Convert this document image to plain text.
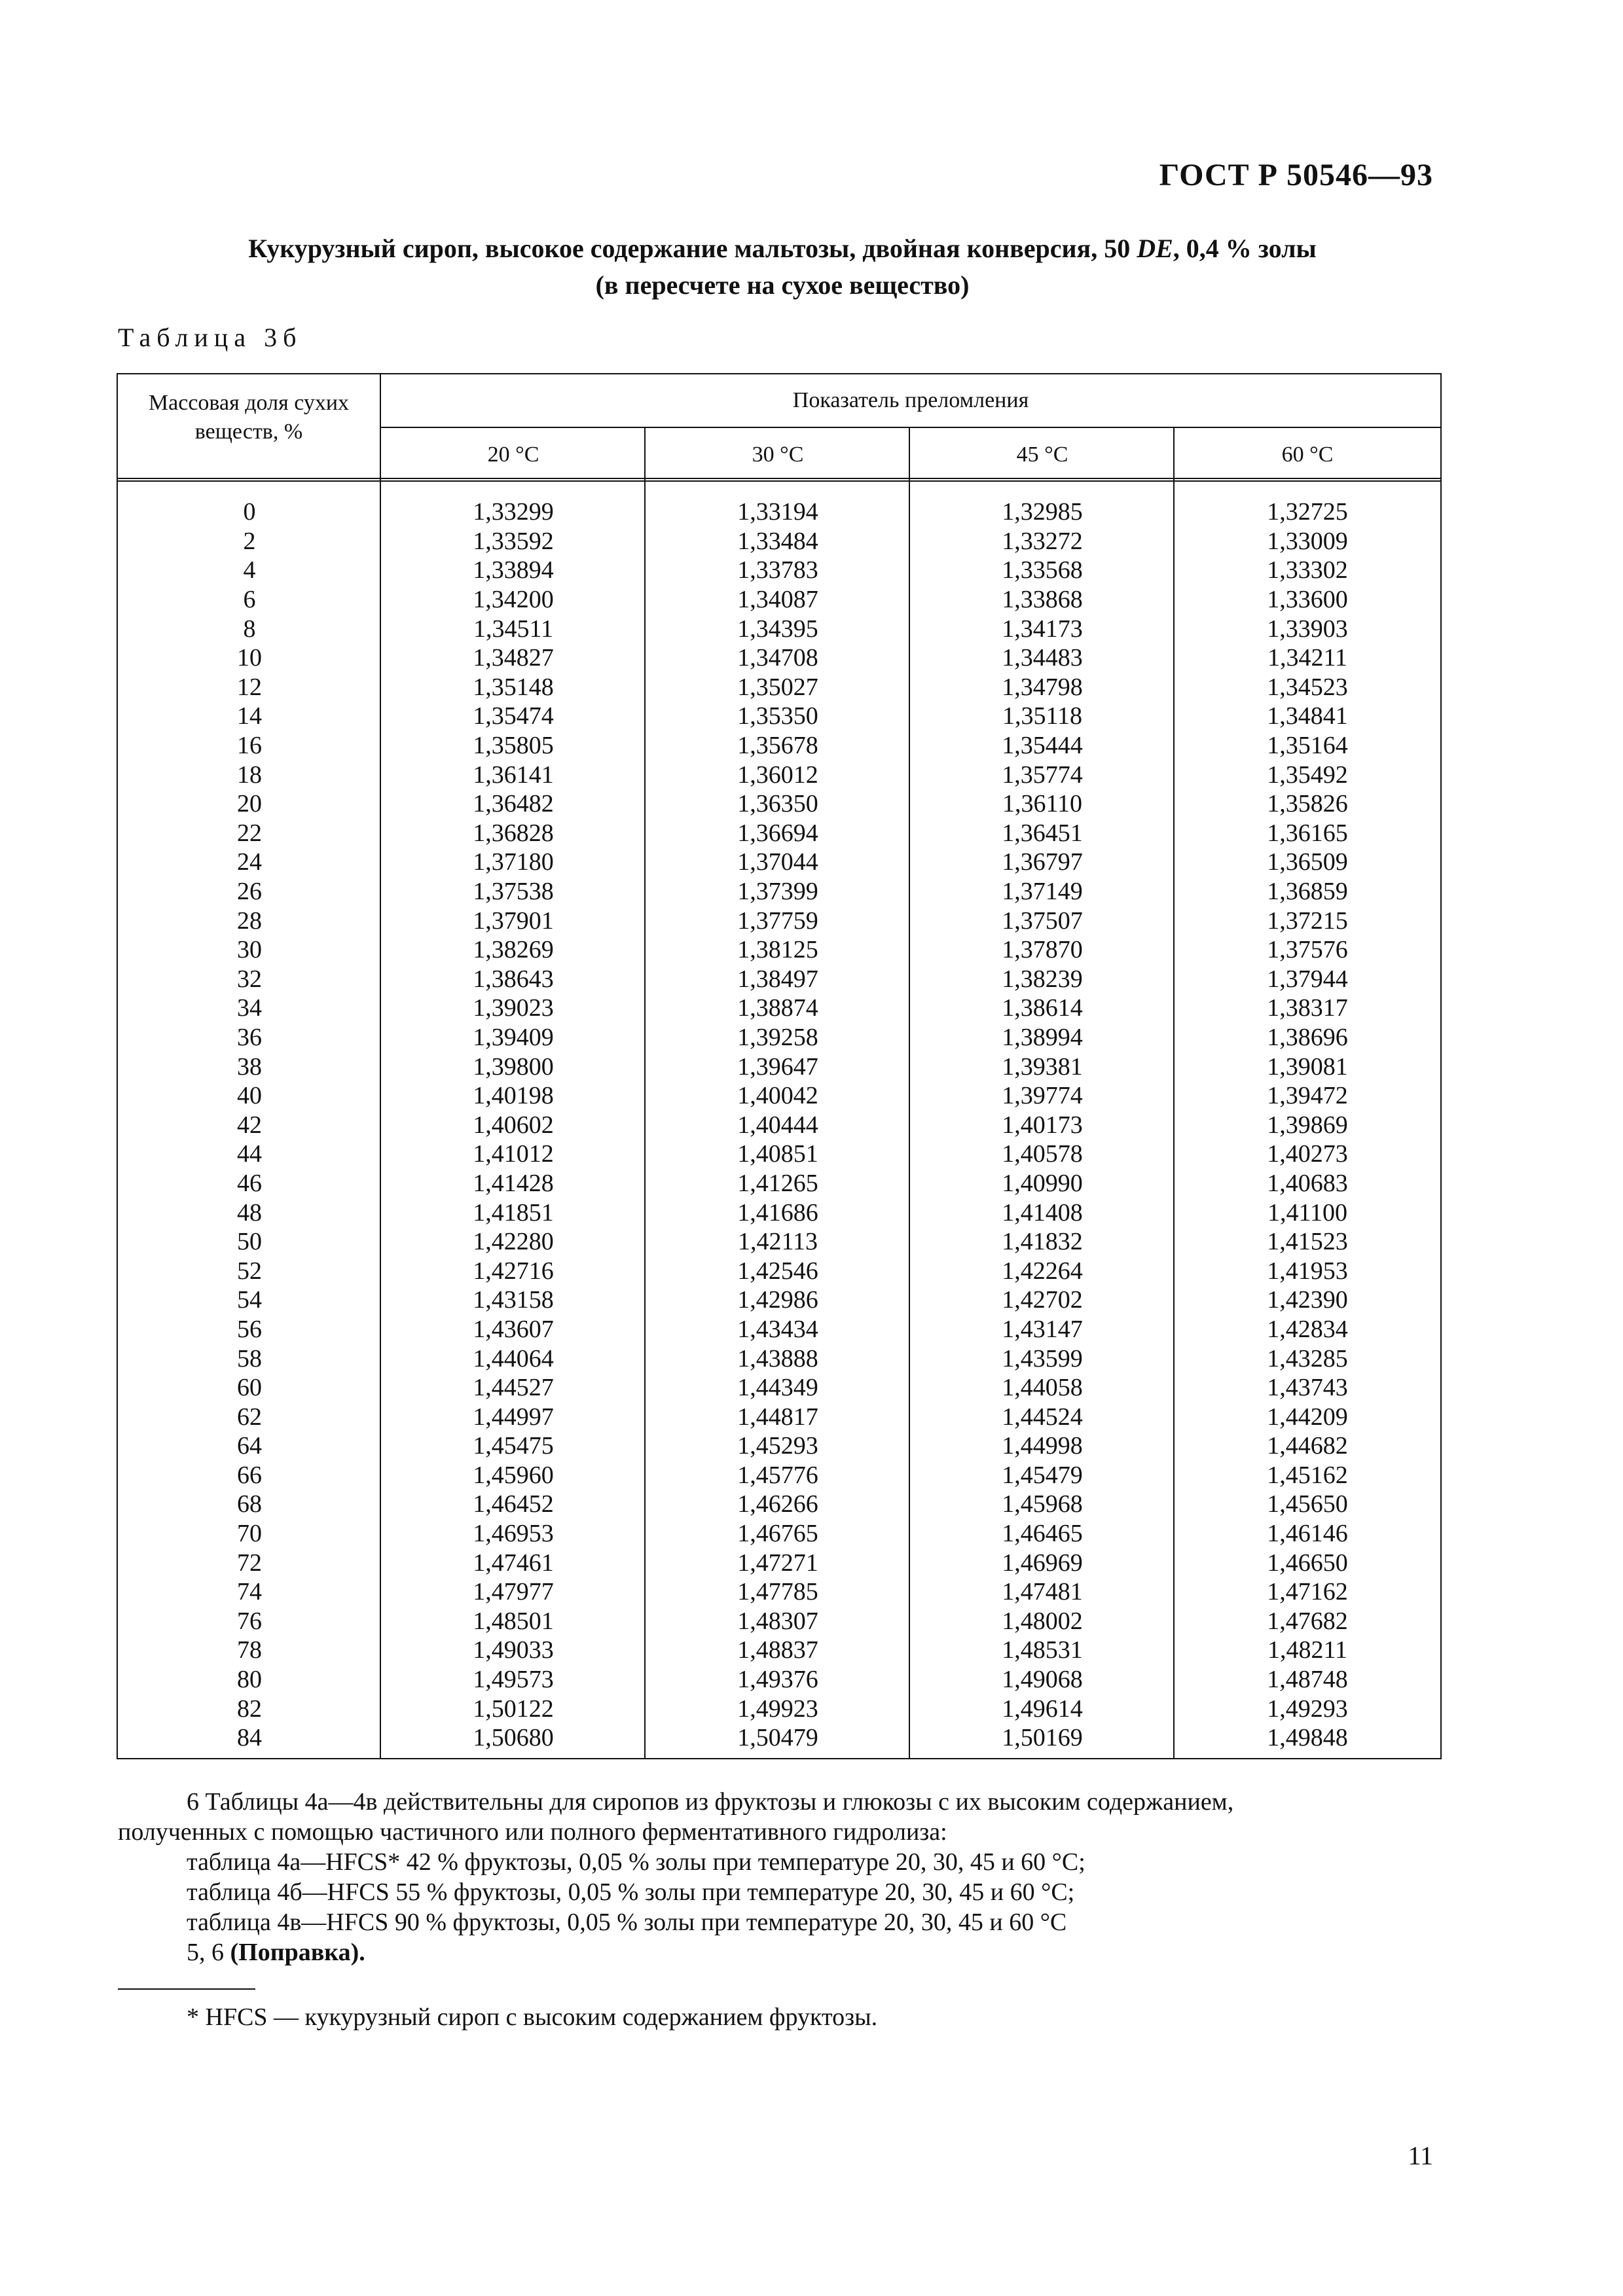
ГОСТ Р 50546—93
Кукурузный сироп, высокое содержание мальтозы, двойная конверсия, 50 DE, 0,4 % золы
(в пересчете на сухое вещество)
Таблица 3б
Массовая доля сухих веществ, %
Показатель преломления
20 °C	30 °C	45 °C	60 °C
0	1,33299	1,33194	1,32985	1,32725
2	1,33592	1,33484	1,33272	1,33009
4	1,33894	1,33783	1,33568	1,33302
6	1,34200	1,34087	1,33868	1,33600
8	1,34511	1,34395	1,34173	1,33903
10	1,34827	1,34708	1,34483	1,34211
12	1,35148	1,35027	1,34798	1,34523
14	1,35474	1,35350	1,35118	1,34841
16	1,35805	1,35678	1,35444	1,35164
18	1,36141	1,36012	1,35774	1,35492
20	1,36482	1,36350	1,36110	1,35826
22	1,36828	1,36694	1,36451	1,36165
24	1,37180	1,37044	1,36797	1,36509
26	1,37538	1,37399	1,37149	1,36859
28	1,37901	1,37759	1,37507	1,37215
30	1,38269	1,38125	1,37870	1,37576
32	1,38643	1,38497	1,38239	1,37944
34	1,39023	1,38874	1,38614	1,38317
36	1,39409	1,39258	1,38994	1,38696
38	1,39800	1,39647	1,39381	1,39081
40	1,40198	1,40042	1,39774	1,39472
42	1,40602	1,40444	1,40173	1,39869
44	1,41012	1,40851	1,40578	1,40273
46	1,41428	1,41265	1,40990	1,40683
48	1,41851	1,41686	1,41408	1,41100
50	1,42280	1,42113	1,41832	1,41523
52	1,42716	1,42546	1,42264	1,41953
54	1,43158	1,42986	1,42702	1,42390
56	1,43607	1,43434	1,43147	1,42834
58	1,44064	1,43888	1,43599	1,43285
60	1,44527	1,44349	1,44058	1,43743
62	1,44997	1,44817	1,44524	1,44209
64	1,45475	1,45293	1,44998	1,44682
66	1,45960	1,45776	1,45479	1,45162
68	1,46452	1,46266	1,45968	1,45650
70	1,46953	1,46765	1,46465	1,46146
72	1,47461	1,47271	1,46969	1,46650
74	1,47977	1,47785	1,47481	1,47162
76	1,48501	1,48307	1,48002	1,47682
78	1,49033	1,48837	1,48531	1,48211
80	1,49573	1,49376	1,49068	1,48748
82	1,50122	1,49923	1,49614	1,49293
84	1,50680	1,50479	1,50169	1,49848

6 Таблицы 4а—4в действительны для сиропов из фруктозы и глюкозы с их высоким содержанием,

полученных с помощью частичного или полного ферментативного гидролиза:

таблица 4а—HFCS* 42 % фруктозы, 0,05 % золы при температуре 20, 30, 45 и 60 °С;

таблица 4б—HFCS 55 % фруктозы, 0,05 % золы при температуре 20, 30, 45 и 60 °С;

таблица 4в—HFCS 90 % фруктозы, 0,05 % золы при температуре 20, 30, 45 и 60 °С

5, 6 (Поправка).

* HFCS — кукурузный сироп с высоким содержанием фруктозы.
11
